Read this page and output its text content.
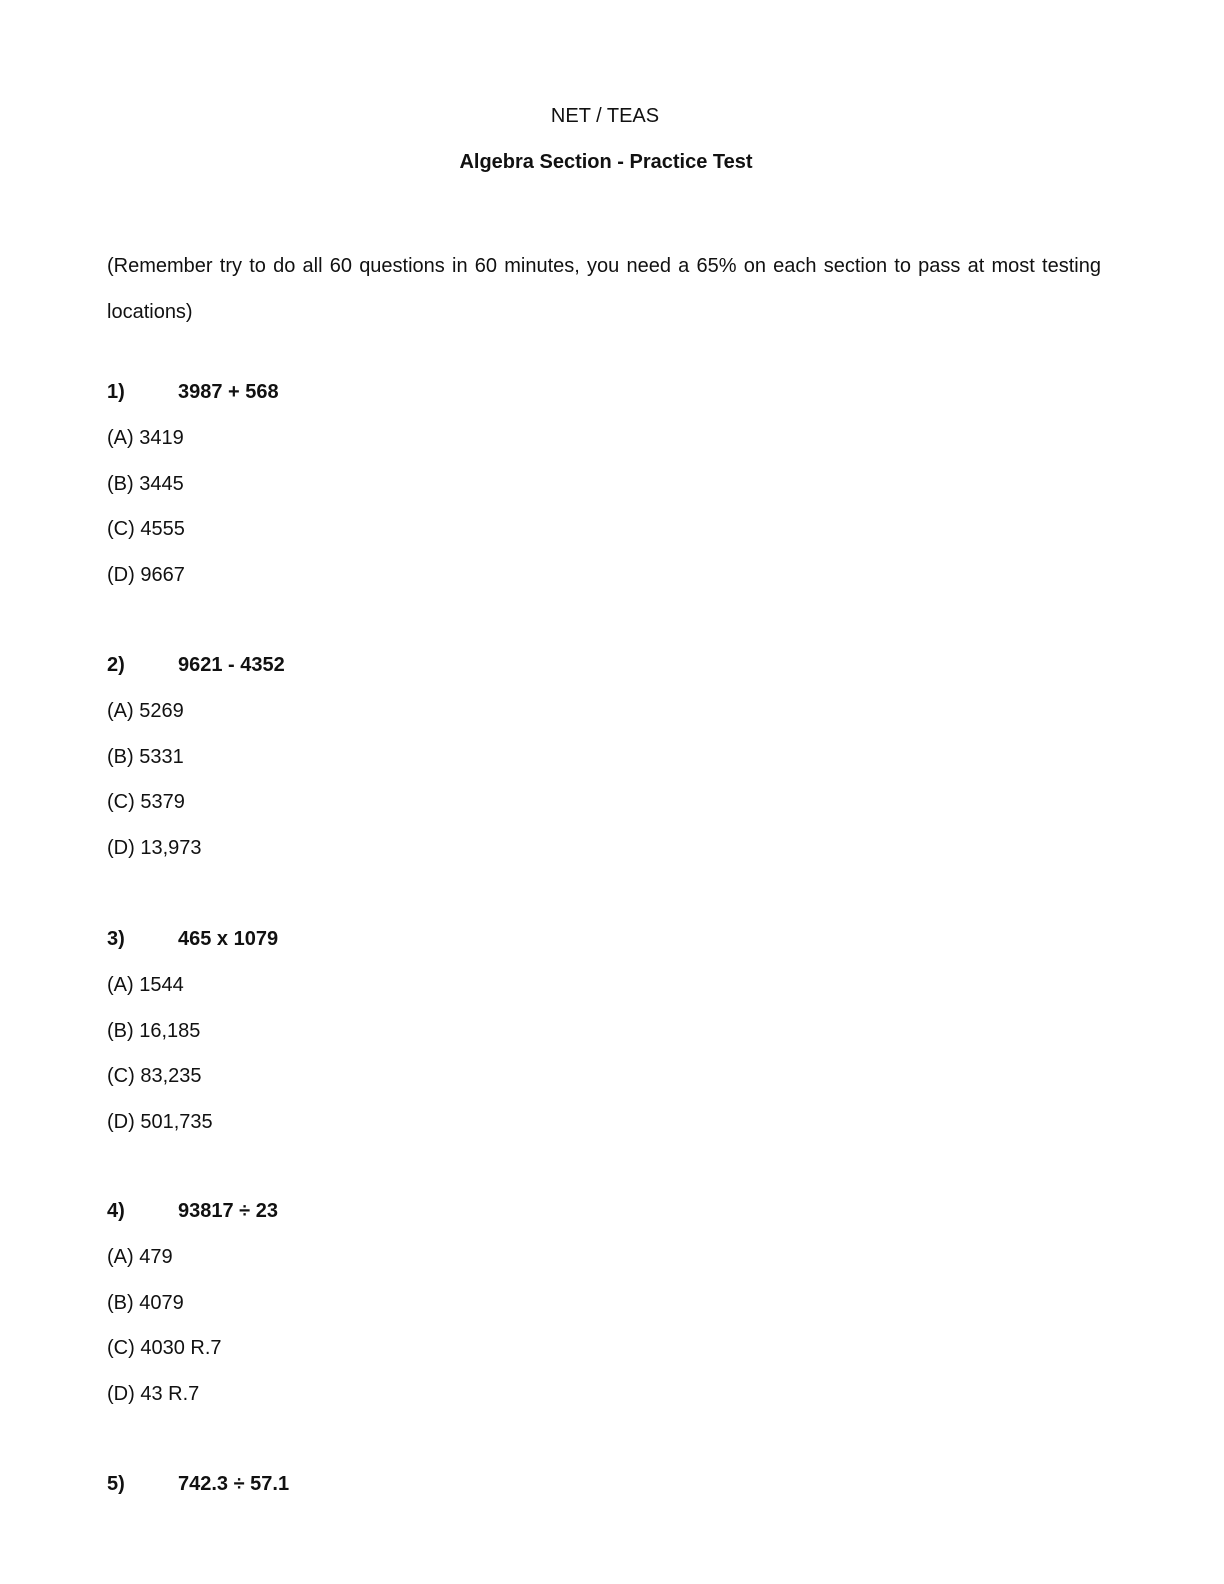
NET / TEAS
Algebra Section - Practice Test
(Remember try to do all 60 questions in 60 minutes, you need a 65% on each section to pass at most testing locations)
1)	3987 + 568
(A) 3419
(B) 3445
(C) 4555
(D) 9667
2)	9621 - 4352
(A) 5269
(B) 5331
(C) 5379
(D) 13,973
3)	465 x 1079
(A) 1544
(B) 16,185
(C) 83,235
(D) 501,735
4)	93817 ÷ 23
(A) 479
(B) 4079
(C) 4030 R.7
(D) 43 R.7
5)	742.3 ÷ 57.1
